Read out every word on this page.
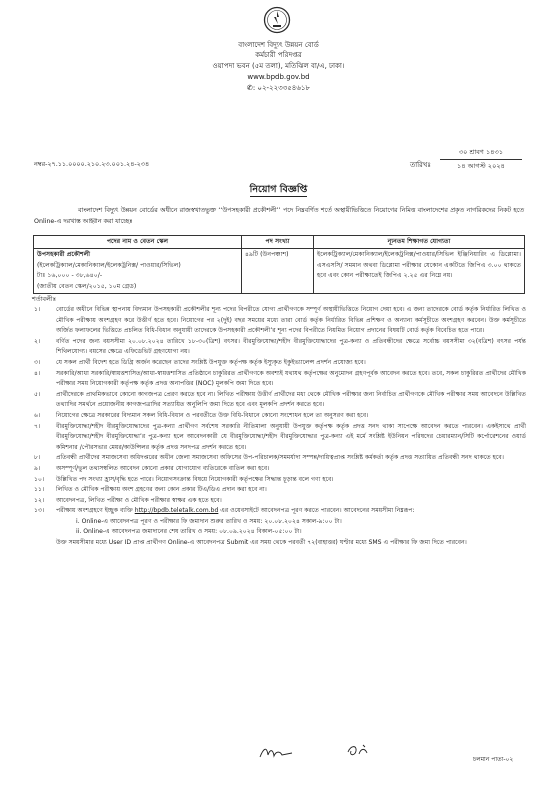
বাংলাদেশ বিদ্যুৎ উন্নয়ন বোর্ড
কর্মচারী পরিদপ্তর
ওয়াপদা ভবন (৫ম তলা), মতিঝিল বা/এ, ঢাকা।
www.bpdb.gov.bd
✆: ০২-২২৩৩৫৪৬১৮
নম্বর-২৭.১১.০০০০.২১০.২৩.০০১.২৪-২৩৪	তারিখঃ
৩০ শ্রাবণ ১৪৩১
১৪ আগস্ট ২০২৪
নিয়োগ বিজ্ঞপ্তি
বাংলাদেশ বিদ্যুৎ উন্নয়ন বোর্ডের অধীনে রাজস্বখাতভুক্ত ‘‘উপসহকারী প্রকৌশলী’’ পদে নিম্নবর্ণিত শর্তে অস্থায়ীভিত্তিতে নিয়োগের নিমিত্ত বাংলাদেশের প্রকৃত নাগরিকদের নিকট হতে Online-এ দরখাস্ত আহ্বান করা যাচ্ছেঃ
পদের নাম ও বেতন স্কেল	পদ সংখ্যা	ন্যূনতম শিক্ষাগত যোগ্যতা

উপসহকারী প্রকৌশলী
(ইলেকট্রিক্যাল/মেকানিক্যাল/ইলেকট্রনিক্স/ পাওয়ার/সিভিল)
টাঃ ১৬,০০০ - ৩৮,৬৪০/-
(জাতীয় বেতন স্কেল/২০১৫, ১০ম গ্রেড)	৪৯টি (উনপঞ্চাশ)	ইলেকট্রিক্যাল/মেকানিক্যাল/ইলেকট্রনিক্স/পাওয়ার/সিভিল ইঞ্জিনিয়ারিং এ ডিপ্লোমা। এসএসসি/ সমমান অথবা ডিপ্লোমা পরীক্ষার যেকোন একটিতে জিপিএ ৩.০০ থাকতে হবে এবং কোন পরীক্ষাতেই জিপিএ ২.২৫ এর নিম্নে নয়।
শর্তাবলীঃ
১।	বোর্ডের অধীনে বিভিন্ন স্থাপনায় বিদ্যমান উপসহকারী প্রকৌশলীর শূন্য পদের বিপরীতে যোগ্য প্রার্থীগণকে সম্পূর্ণ অস্থায়ীভিত্তিতে নিয়োগ দেয়া হবে। এ জন্য তাদেরকে বোর্ড কর্তৃক নির্ধারিত লিখিত ও মৌখিক পরীক্ষায় অংশগ্রহণ করে উত্তীর্ণ হতে হবে। নিয়োগের পর ২(দুই) বছর সময়ের মধ্যে তারা বোর্ড কর্তৃক নির্ধারিত বিভিন্ন প্রশিক্ষণ ও অন্যান্য কর্মসূচীতে অংশগ্রহণ করবেন। উক্ত কর্মসূচীতে অর্জিত ফলাফলের ভিত্তিতে প্রচলিত বিধি-বিধান অনুযায়ী তাদেরকে উপসহকারী প্রকৌশলী’র শূন্য পদের বিপরীতে নিয়মিত নিয়োগ প্রদানের বিষয়টি বোর্ড কর্তৃক বিবেচিত হতে পারে।
২।	বর্ণিত পদের জন্য বয়সসীমা ২০.০৮.২০২৪ তারিখে ১৮-৩০(ত্রিশ) বৎসর। বীরমুক্তিযোদ্ধা/শহীদ বীরমুক্তিযোদ্ধাদের পুত্র-কন্যা ও প্রতিবন্ধীদের ক্ষেত্রে সর্বোচ্চ বয়সসীমা ৩২(বত্রিশ) বৎসর পর্যন্ত শিথিলযোগ্য। বয়সের ক্ষেত্রে এফিডেভিট গ্রহণযোগ্য নয়।
৩।	যে সকল প্রার্থী বিদেশ হতে ডিগ্রি অর্জন করেছেন তাদের সংশ্লিষ্ট উপযুক্ত কর্তৃপক্ষ কর্তৃক ইস্যুকৃত ইকুইভ্যালেন্স প্রদর্শন প্রযোজ্য হবে।
৪।	সরকারি/আধা সরকারি/স্বায়ত্তশাসিত/আধা-স্বায়ত্তশাসিত প্রতিষ্ঠানে চাকুরিরত প্রার্থীগণকে অবশ্যই যথাযথ কর্তৃপক্ষের অনুমোদন গ্রহণপূর্বক আবেদন করতে হবে। তবে, সকল চাকুরিরত প্রার্থীদের মৌখিক পরীক্ষার সময় নিয়োগকারী কর্তৃপক্ষ কর্তৃক প্রদত্ত অনাপত্তির (NOC) মূলকপি জমা দিতে হবে।
৫।	প্রার্থীদেরকে প্রাথমিকভাবে কোনো কাগজপত্র প্রেরণ করতে হবে না। লিখিত পরীক্ষায় উত্তীর্ণ প্রার্থীদের মধ্য থেকে মৌখিক পরীক্ষার জন্য নির্বাচিত প্রার্থীগণকে মৌখিক পরীক্ষার সময় আবেদনে উল্লিখিত তথ্যাদির সমর্থনে প্রয়োজনীয় কাগজপত্রাদির সত্যায়িত অনুলিপি জমা দিতে হবে এবং মূলকপি প্রদর্শন করতে হবে।
৬।	নিয়োগের ক্ষেত্রে সরকারের বিদ্যমান সকল বিধি-বিধান ও পরবর্তীতে উক্ত বিধি-বিধানে কোনো সংশোধন হলে তা অনুসরণ করা হবে।
৭।	বীরমুক্তিযোদ্ধা/শহীদ বীরমুক্তিযোদ্ধাদের পুত্র-কন্যা প্রার্থীগণ সর্বশেষ সরকারি নীতিমালা অনুযায়ী উপযুক্ত কর্তৃপক্ষ কর্তৃক প্রদত্ত সনদ থাকা সাপেক্ষে আবেদন করতে পারবেন। একইসাথে প্রার্থী বীরমুক্তিযোদ্ধা/শহীদ বীরমুক্তিযোদ্ধা’র পুত্র-কন্যা হলে আবেদনকারী যে বীরমুক্তিযোদ্ধা/শহীদ বীরমুক্তিযোদ্ধার পুত্র-কন্যা এই মর্মে সংশ্লিষ্ট ইউনিয়ন পরিষদের চেয়ারম্যান/সিটি কর্পোরেশনের ওয়ার্ড কমিশনার /পৌরসভার মেয়র/কাউন্সিলর কর্তৃক প্রদত্ত সনদপত্র প্রদর্শন করতে হবে।
৮।	প্রতিবন্ধী প্রার্থীদের সমাজসেবা অধিদপ্তরের অধীন জেলা সমাজসেবা অফিসের উপ-পরিচালক/সমমর্যাদা সম্পন্ন/দায়িত্বপ্রাপ্ত সংশ্লিষ্ট কর্মকর্তা কর্তৃক প্রদত্ত সত্যায়িত প্রতিবন্ধী সনদ থাকতে হবে।
৯।	অসম্পূর্ণ/ভুল তথ্যসম্বলিত আবেদন কোনো প্রকার যোগাযোগ ব্যতিরেকে বাতিল করা হবে।
১০।	উল্লিখিত পদ সংখ্যা হ্রাস/বৃদ্ধি হতে পারে। নিয়োগসংক্রান্ত বিষয়ে নিয়োগকারী কর্তৃপক্ষের সিদ্ধান্ত চূড়ান্ত বলে গণ্য হবে।
১১।	লিখিত ও মৌখিক পরীক্ষায় অংশ গ্রহণের জন্য কোন প্রকার টিএ/ডিএ প্রদান করা হবে না।
১২।	আবেদনপত্র, লিখিত পরীক্ষা ও মৌখিক পরীক্ষার স্বাক্ষর এক হতে হবে।
১৩।	পরীক্ষায় অংশগ্রহণে ইচ্ছুক ব্যক্তি http://bpdb.teletalk.com.bd এর ওয়েবসাইটে আবেদনপত্র পূরণ করতে পারবেন। আবেদনের সময়সীমা নিম্নরূপ:
i. Online-এ আবেদনপত্র পূরণ ও পরীক্ষার ফি জমাদান শুরুর তারিখ ও সময়: ২০.০৮.২০২৪ সকাল-৯:০০ টা।
ii. Online-এ আবেদনপত্র জমাদানের শেষ তারিখ ও সময়: ০৮.০৯.২০২৪ বিকাল-০৫:০০ টা।
উক্ত সময়সীমার মধ্যে User ID প্রাপ্ত প্রার্থীগণ Online-এ আবেদনপত্র Submit এর সময় থেকে পরবর্তী ৭২(বাহাত্তর) ঘণ্টার মধ্যে SMS এ পরীক্ষার ফি জমা দিতে পারবেন।
চলমান পাতা-০২
